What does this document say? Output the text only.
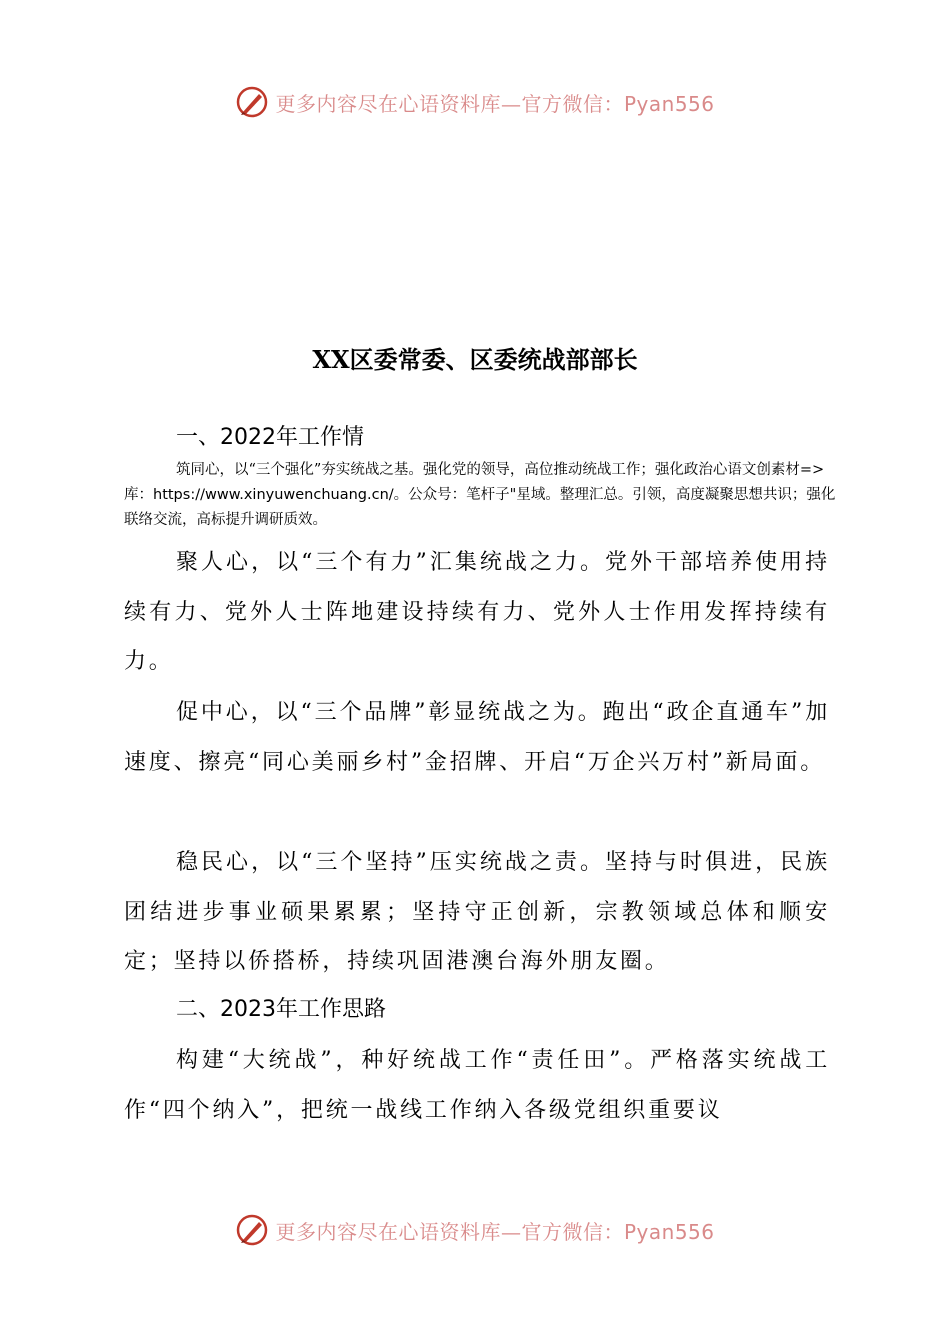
更多内容尽在心语资料库—官方微信：Pyan556
XX区委常委、区委统战部部长
一、2022年工作情
筑同心，以“三个强化”夯实统战之基。强化党的领导，高位推动统战工作；强化政治心语文创素材=>库：https://www.xinyuwenchuang.cn/。公众号：笔杆子"星域。整理汇总。引领，高度凝聚思想共识；强化联络交流，高标提升调研质效。
聚人心，以“三个有力”汇集统战之力。党外干部培养使用持续有力、党外人士阵地建设持续有力、党外人士作用发挥持续有力。
促中心，以“三个品牌”彰显统战之为。跑出“政企直通车”加速度、擦亮“同心美丽乡村”金招牌、开启“万企兴万村”新局面。
稳民心，以“三个坚持”压实统战之责。坚持与时俱进，民族团结进步事业硕果累累；坚持守正创新，宗教领域总体和顺安定；坚持以侨搭桥，持续巩固港澳台海外朋友圈。
二、2023年工作思路
构建“大统战”，种好统战工作“责任田”。严格落实统战工作“四个纳入”，把统一战线工作纳入各级党组织重要议
更多内容尽在心语资料库—官方微信：Pyan556
